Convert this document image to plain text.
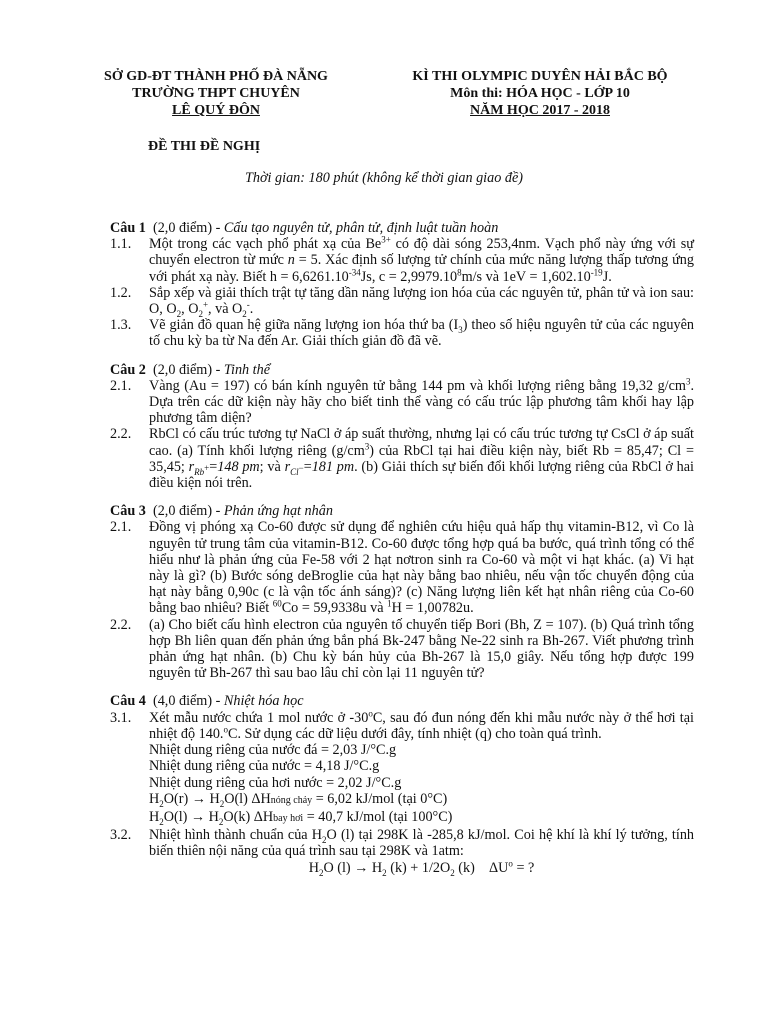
SỞ GD-ĐT THÀNH PHỐ ĐÀ NẴNG
TRƯỜNG THPT CHUYÊN
LÊ QUÝ ĐÔN
KÌ THI OLYMPIC DUYÊN HẢI BẮC BỘ
Môn thi: HÓA HỌC - LỚP 10
NĂM HỌC 2017 - 2018
ĐỀ THI ĐỀ NGHỊ
Thời gian: 180 phút (không kể thời gian giao đề)

Câu 1 (2,0 điểm) - Cấu tạo nguyên tử, phân tử, định luật tuần hoàn

1.1.	Một trong các vạch phổ phát xạ của $Be^{3+}$ có độ dài sóng 253,4nm. Vạch phổ này ứng với sự chuyển electron từ mức n = 5. Xác định số lượng tử chính của mức năng lượng thấp tương ứng với phát xạ này. Biết $h = 6,6261.10^{-34}Js$, $c = 2,9979.10^8m/s$ và $1eV = 1,602.10^{-19}J$.
1.2.	Sắp xếp và giải thích trật tự tăng dần năng lượng ion hóa của các nguyên tử, phân tử và ion sau: O, $O_2$, $O_2^+$, và $O_2^-$.
1.3.	Vẽ giản đồ quan hệ giữa năng lượng ion hóa thứ ba $(I_3)$ theo số hiệu nguyên tử của các nguyên tố chu kỳ ba từ Na đến Ar. Giải thích giản đồ đã vẽ.

Câu 2 (2,0 điểm) - Tinh thể

2.1.	Vàng (Au = 197) có bán kính nguyên tử bằng 144 pm và khối lượng riêng bằng 19,32 $g/cm^3$. Dựa trên các dữ kiện này hãy cho biết tinh thể vàng có cấu trúc lập phương tâm khối hay lập phương tâm diện?
2.2.	RbCl có cấu trúc tương tự NaCl ở áp suất thường, nhưng lại có cấu trúc tương tự CsCl ở áp suất cao. (a) Tính khối lượng riêng $(g/cm^3)$ của RbCl tại hai điều kiện này, biết Rb = 85,47; Cl = 35,45; $r_{Rb^+}=148$ pm; và $r_{Cl^-}=181$ pm. (b) Giải thích sự biến đổi khối lượng riêng của RbCl ở hai điều kiện nói trên.

Câu 3 (2,0 điểm) - Phản ứng hạt nhân

2.1.	Đồng vị phóng xạ Co-60 được sử dụng để nghiên cứu hiệu quả hấp thụ vitamin-B12, vì Co là nguyên tử trung tâm của vitamin-B12. Co-60 được tổng hợp quá ba bước, quá trình tổng có thể hiểu như là phản ứng của Fe-58 với 2 hạt nơtron sinh ra Co-60 và một vi hạt khác. (a) Vi hạt này là gì? (b) Bước sóng deBroglie của hạt này bằng bao nhiêu, nếu vận tốc chuyển động của hạt này bằng 0,90c (c là vận tốc ánh sáng)? (c) Năng lượng liên kết hạt nhân riêng của Co-60 bằng bao nhiêu? Biết $^{60}$Co = 59,9338u và $^1$H = 1,00782u.
2.2.	(a) Cho biết cấu hình electron của nguyên tố chuyển tiếp Bori (Bh, Z = 107). (b) Quá trình tổng hợp Bh liên quan đến phản ứng bắn phá Bk-247 bằng Ne-22 sinh ra Bh-267. Viết phương trình phản ứng hạt nhân. (b) Chu kỳ bán hủy của Bh-267 là 15,0 giây. Nếu tổng hợp được 199 nguyên tử Bh-267 thì sau bao lâu chỉ còn lại 11 nguyên tử?

Câu 4 (4,0 điểm) - Nhiệt hóa học

3.1.	Xét mẫu nước chứa 1 mol nước ở -30$^o$C, sau đó đun nóng đến khi mẫu nước này ở thể hơi tại nhiệt độ 140.$^o$C. Sử dụng các dữ liệu dưới đây, tính nhiệt (q) cho toàn quá trình.
Nhiệt dung riêng của nước đá = 2,03 J/°C.g
Nhiệt dung riêng của nước = 4,18 J/°C.g
Nhiệt dung riêng của hơi nước = 2,02 J/°C.g
$H_2O(r) \to H_2O(l)$ ΔHnóng chảy = 6,02 kJ/mol (tại 0°C)
$H_2O(l) \to H_2O(k)$ ΔHbay hơi = 40,7 kJ/mol (tại 100°C)
3.2.	Nhiệt hình thành chuẩn của $H_2O$ (l) tại 298K là -285,8 kJ/mol. Coi hệ khí là khí lý tưởng, tính biến thiên nội năng của quá trình sau tại 298K và 1atm:
$H_2O$ $(l) \to H_2$ $(k) + 1/2O_2$ (k)    $\Delta U^o$ = ?
